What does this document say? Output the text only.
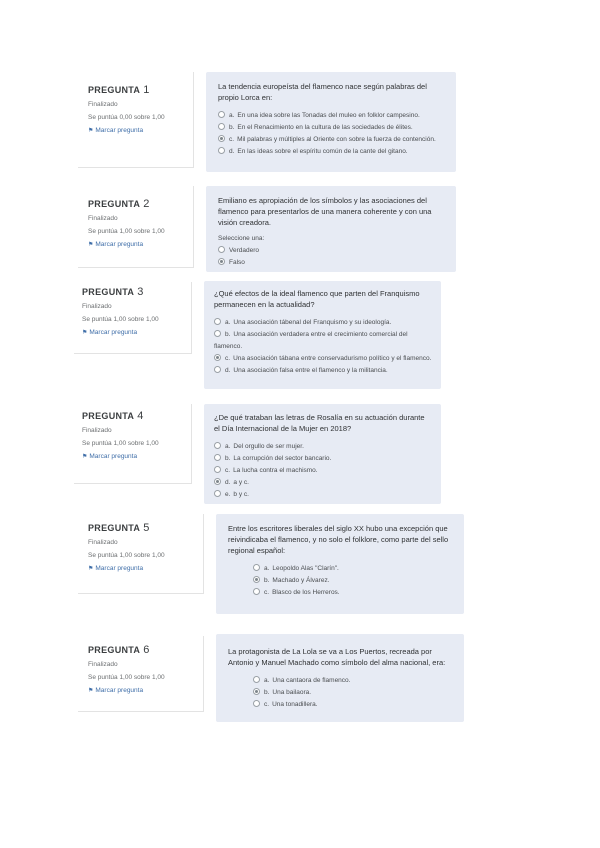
PREGUNTA 1

Finalizado
Se puntúa 0,00 sobre 1,00
⚑ Marcar pregunta
La tendencia europeísta del flamenco nace según palabras del propio Lorca en:
a. En una idea sobre las Tonadas del muleo en folklor campesino.
b. En el Renacimiento en la cultura de las sociedades de élites.
c. Mil palabras y múltiples al Oriente con sobre la fuerza de contención.
d. En las ideas sobre el espíritu común de la cante del gitano.

PREGUNTA 2

Finalizado
Se puntúa 1,00 sobre 1,00
⚑ Marcar pregunta
Emiliano es apropiación de los símbolos y las asociaciones del flamenco para presentarlos de una manera coherente y con una visión creadora.
Seleccione una:
Verdadero
Falso

PREGUNTA 3

Finalizado
Se puntúa 1,00 sobre 1,00
⚑ Marcar pregunta
¿Qué efectos de la ideal flamenco que parten del Franquismo permanecen en la actualidad?
a. Una asociación tábenal del Franquismo y su ideología.
b. Una asociación verdadera entre el crecimiento comercial del flamenco.
c. Una asociación tábana entre conservadurismo político y el flamenco.
d. Una asociación falsa entre el flamenco y la militancia.

PREGUNTA 4

Finalizado
Se puntúa 1,00 sobre 1,00
⚑ Marcar pregunta
¿De qué trataban las letras de Rosalía en su actuación durante el Día Internacional de la Mujer en 2018?
a. Del orgullo de ser mujer.
b. La corrupción del sector bancario.
c. La lucha contra el machismo.
d. a y c.
e. b y c.

PREGUNTA 5

Finalizado
Se puntúa 1,00 sobre 1,00
⚑ Marcar pregunta
Entre los escritores liberales del siglo XX hubo una excepción que reivindicaba el flamenco, y no solo el folklore, como parte del sello regional español:
a. Leopoldo Alas "Clarín".
b. Machado y Álvarez.
c. Blasco de los Herreros.

PREGUNTA 6

Finalizado
Se puntúa 1,00 sobre 1,00
⚑ Marcar pregunta
La protagonista de La Lola se va a Los Puertos, recreada por Antonio y Manuel Machado como símbolo del alma nacional, era:
a. Una cantaora de flamenco.
b. Una bailaora.
c. Una tonadillera.
